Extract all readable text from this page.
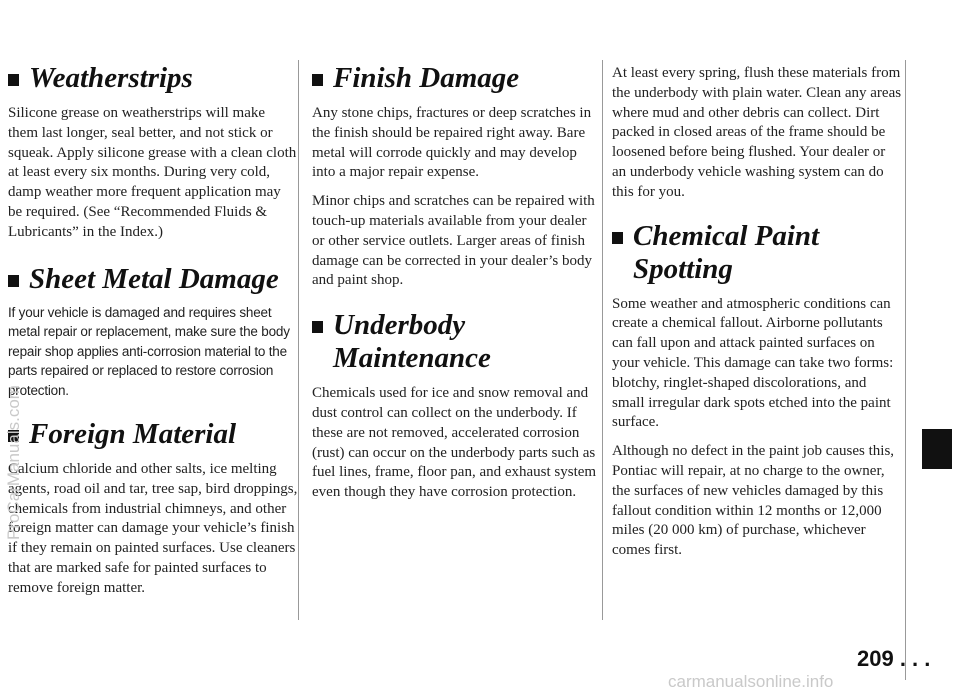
Weatherstrips

Silicone grease on weatherstrips will make them last longer, seal better, and not stick or squeak. Apply silicone grease with a clean cloth at least every six months. During very cold, damp weather more frequent application may be required. (See “Recommended Fluids & Lubricants” in the Index.)

Sheet Metal Damage

If your vehicle is damaged and requires sheet metal repair or replacement, make sure the body repair shop applies anti-corrosion material to the parts repaired or replaced to restore corrosion protection.

Foreign Material

Calcium chloride and other salts, ice melting agents, road oil and tar, tree sap, bird droppings, chemicals from industrial chimneys, and other foreign matter can damage your vehicle’s finish if they remain on painted surfaces. Use cleaners that are marked safe for painted surfaces to remove foreign matter.

Finish Damage

Any stone chips, fractures or deep scratches in the finish should be repaired right away. Bare metal will corrode quickly and may develop into a major repair expense.

Minor chips and scratches can be repaired with touch-up materials available from your dealer or other service outlets. Larger areas of finish damage can be corrected in your dealer’s body and paint shop.

Underbody
Maintenance

Chemicals used for ice and snow removal and dust control can collect on the underbody. If these are not removed, accelerated corrosion (rust) can occur on the underbody parts such as fuel lines, frame, floor pan, and exhaust system even though they have corrosion protection.

At least every spring, flush these materials from the underbody with plain water. Clean any areas where mud and other debris can collect. Dirt packed in closed areas of the frame should be loosened before being flushed. Your dealer or an underbody vehicle washing system can do this for you.

Chemical Paint
Spotting

Some weather and atmospheric conditions can create a chemical fallout. Airborne pollutants can fall upon and attack painted surfaces on your vehicle. This damage can take two forms: blotchy, ringlet-shaped discolorations, and small irregular dark spots etched into the paint surface.

Although no defect in the paint job causes this, Pontiac will repair, at no charge to the owner, the surfaces of new vehicles damaged by this fallout condition within 12 months or 12,000 miles (20 000 km) of purchase, whichever comes first.

209 . . .
ProCarManuals.com
carmanualsonline.info
